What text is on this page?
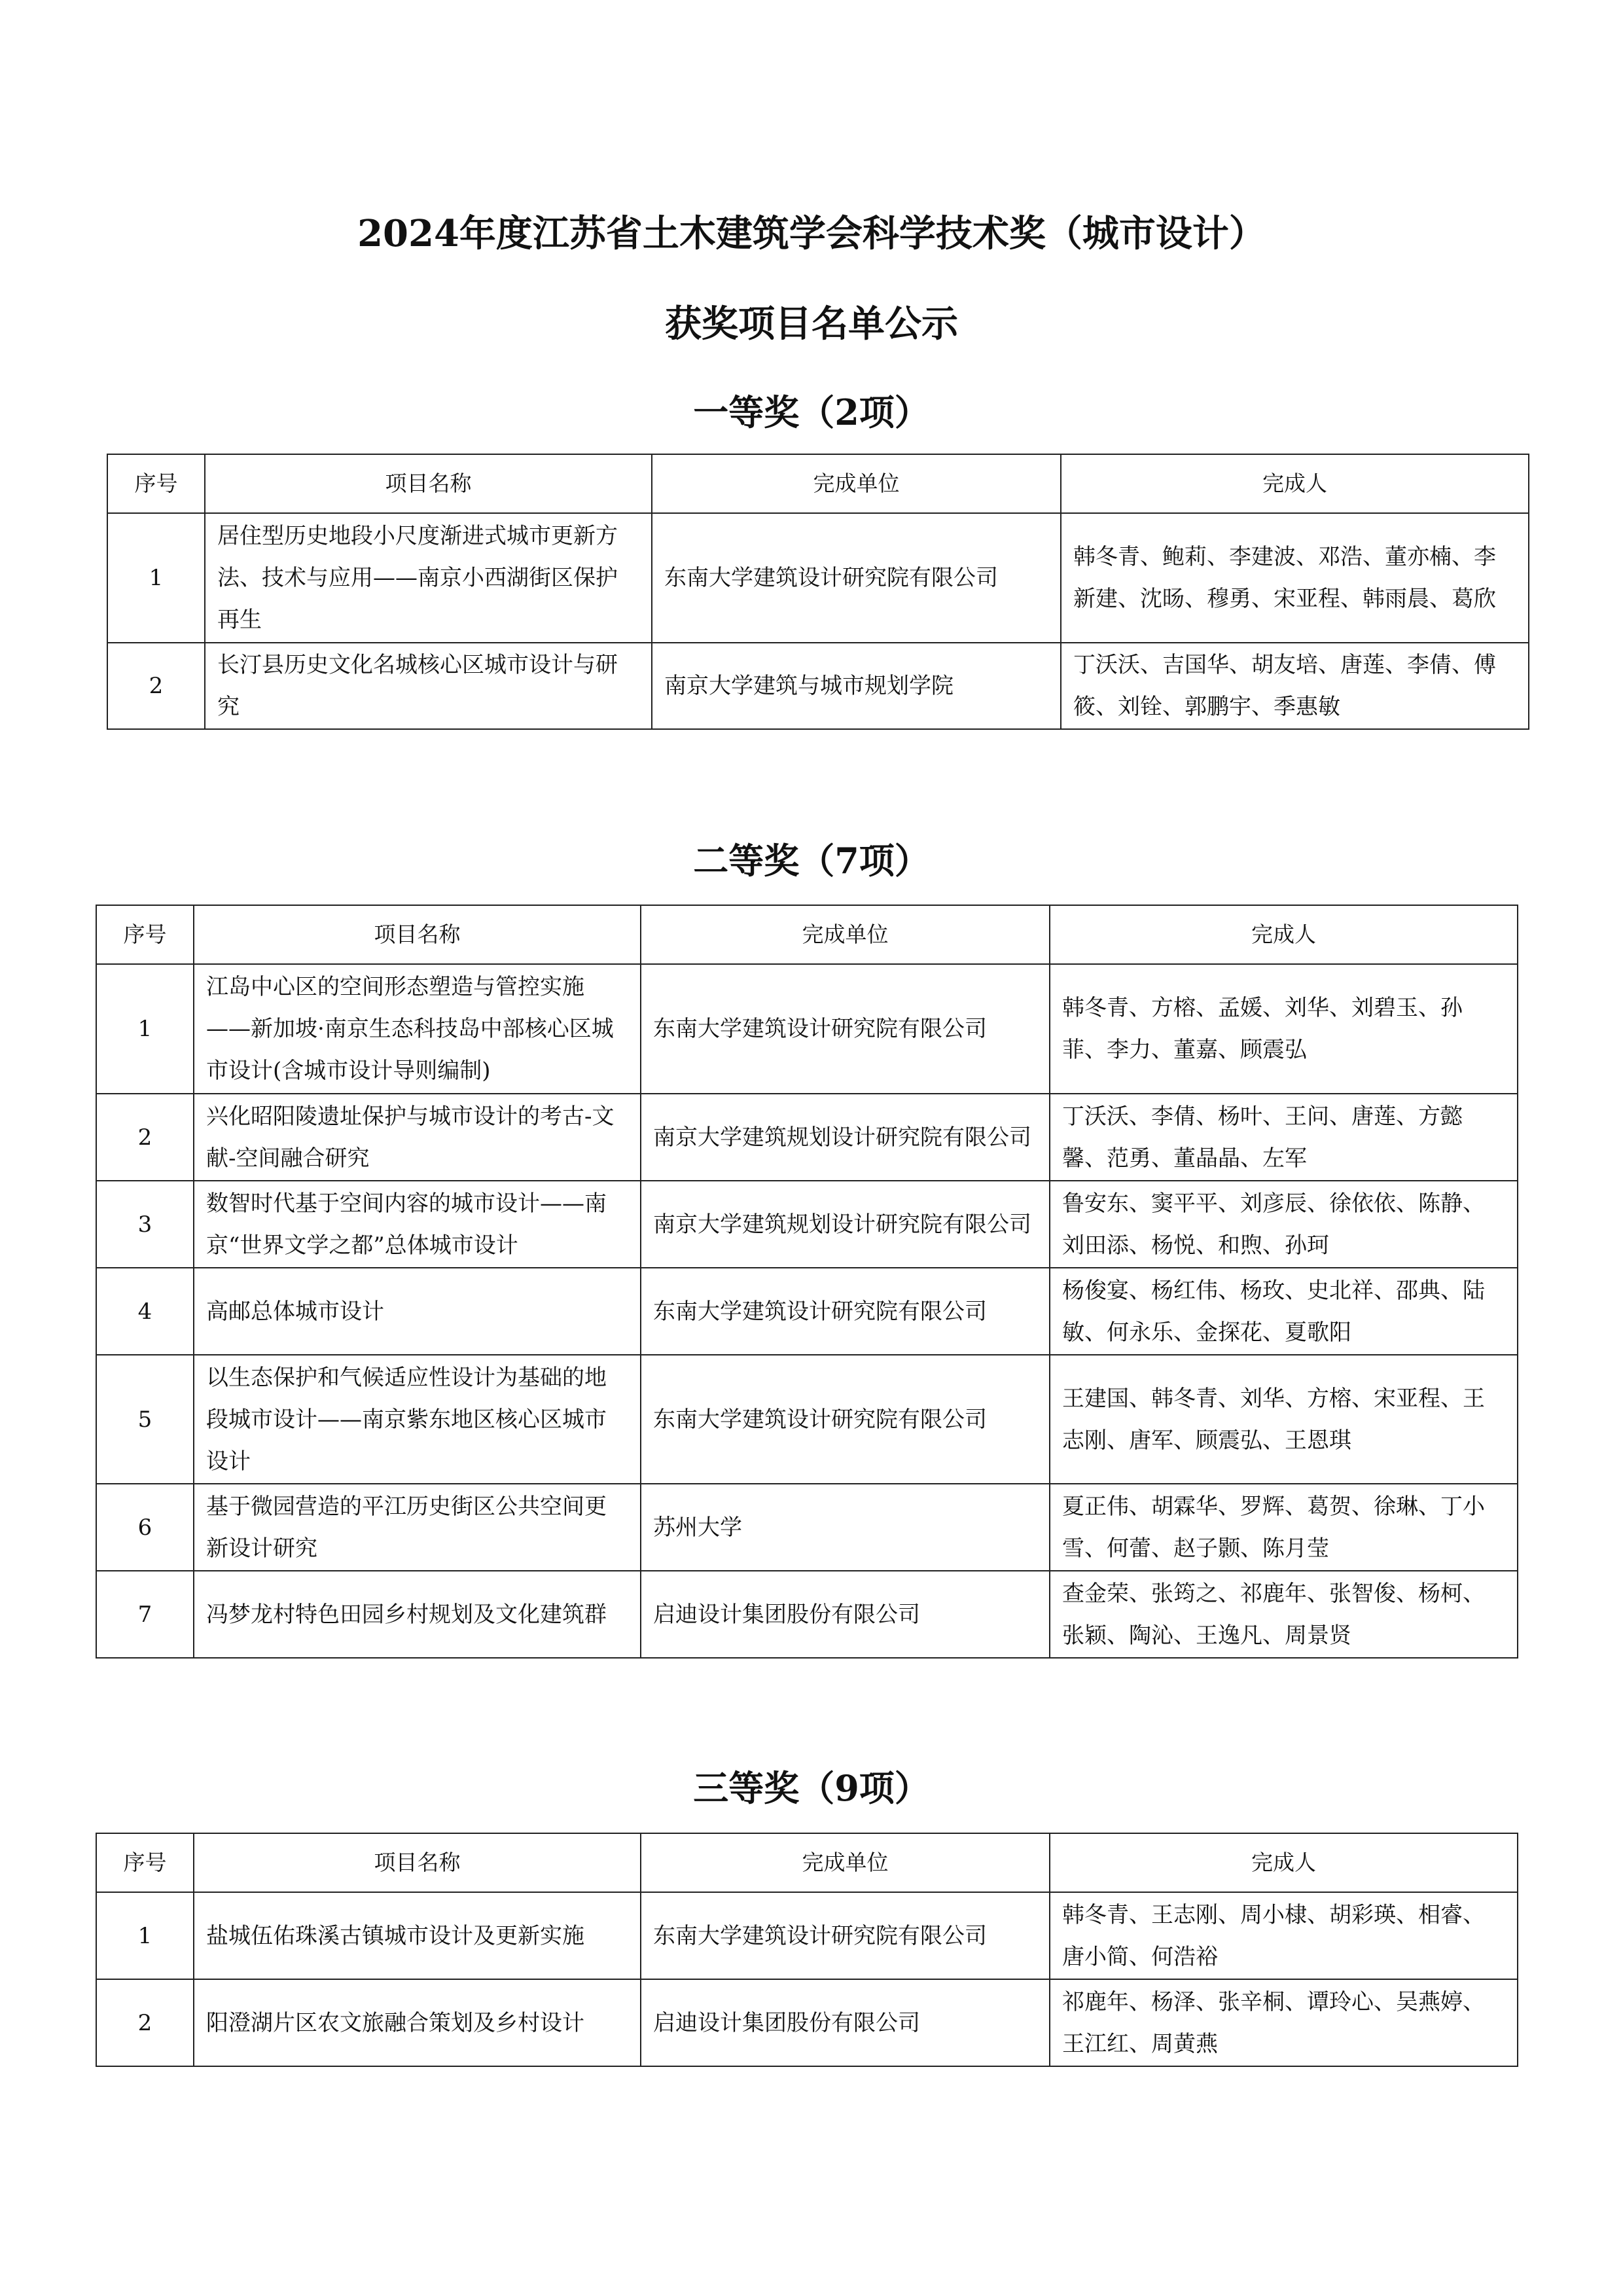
2024年度江苏省土木建筑学会科学技术奖（城市设计）
获奖项目名单公示
一等奖（2项）
序号	项目名称	完成单位	完成人
1	居住型历史地段小尺度渐进式城市更新方法、技术与应用——南京小西湖街区保护再生	东南大学建筑设计研究院有限公司	韩冬青、鲍莉、李建波、邓浩、董亦楠、李新建、沈旸、穆勇、宋亚程、韩雨晨、葛欣
2	长汀县历史文化名城核心区城市设计与研究	南京大学建筑与城市规划学院	丁沃沃、吉国华、胡友培、唐莲、李倩、傅筱、刘铨、郭鹏宇、季惠敏
二等奖（7项）
序号	项目名称	完成单位	完成人
1	江岛中心区的空间形态塑造与管控实施——新加坡·南京生态科技岛中部核心区城市设计(含城市设计导则编制)	东南大学建筑设计研究院有限公司	韩冬青、方榕、孟媛、刘华、刘碧玉、孙菲、李力、董嘉、顾震弘
2	兴化昭阳陵遗址保护与城市设计的考古-文献-空间融合研究	南京大学建筑规划设计研究院有限公司	丁沃沃、李倩、杨叶、王问、唐莲、方懿馨、范勇、董晶晶、左军
3	数智时代基于空间内容的城市设计——南京“世界文学之都”总体城市设计	南京大学建筑规划设计研究院有限公司	鲁安东、窦平平、刘彦辰、徐依依、陈静、刘田添、杨悦、和煦、孙珂
4	高邮总体城市设计	东南大学建筑设计研究院有限公司	杨俊宴、杨红伟、杨玫、史北祥、邵典、陆敏、何永乐、金探花、夏歌阳
5	以生态保护和气候适应性设计为基础的地段城市设计——南京紫东地区核心区城市设计	东南大学建筑设计研究院有限公司	王建国、韩冬青、刘华、方榕、宋亚程、王志刚、唐军、顾震弘、王恩琪
6	基于微园营造的平江历史街区公共空间更新设计研究	苏州大学	夏正伟、胡霖华、罗辉、葛贺、徐琳、丁小雪、何蕾、赵子颢、陈月莹
7	冯梦龙村特色田园乡村规划及文化建筑群	启迪设计集团股份有限公司	查金荣、张筠之、祁鹿年、张智俊、杨柯、张颖、陶沁、王逸凡、周景贤
三等奖（9项）
序号	项目名称	完成单位	完成人
1	盐城伍佑珠溪古镇城市设计及更新实施	东南大学建筑设计研究院有限公司	韩冬青、王志刚、周小棣、胡彩瑛、相睿、唐小简、何浩裕
2	阳澄湖片区农文旅融合策划及乡村设计	启迪设计集团股份有限公司	祁鹿年、杨泽、张辛桐、谭玲心、吴燕婷、王江红、周黄燕
